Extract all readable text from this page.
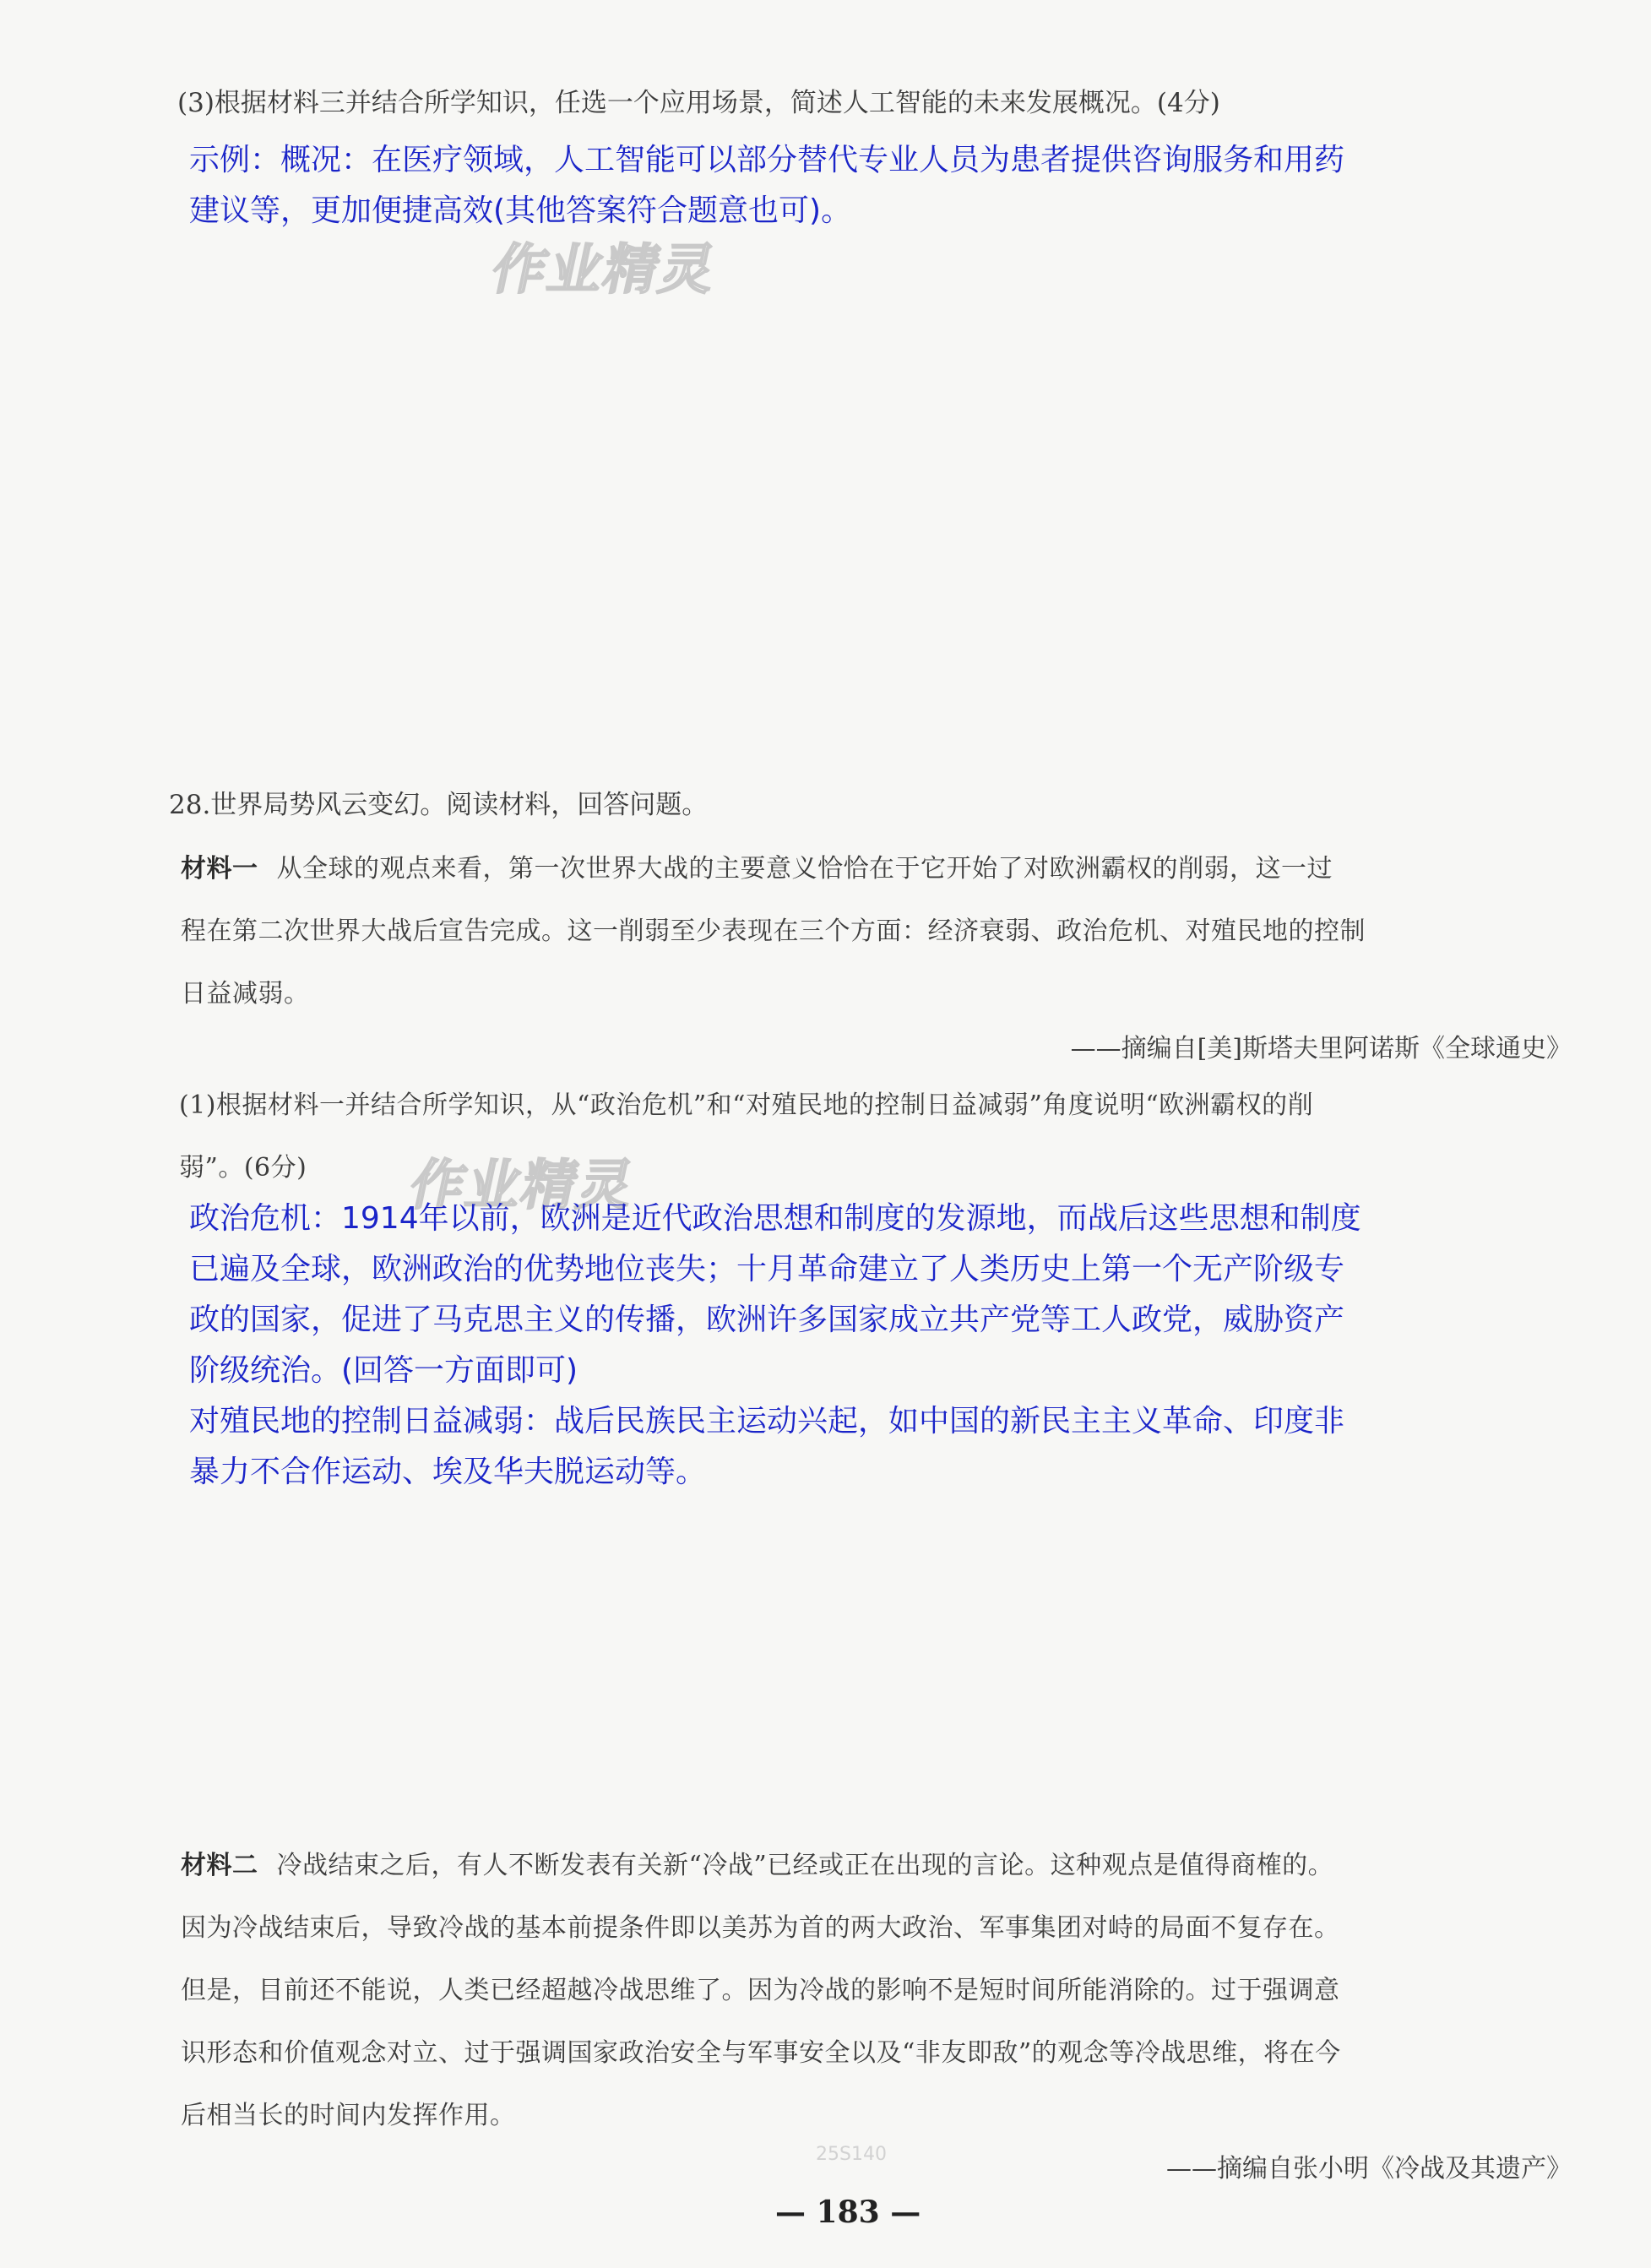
(3)根据材料三并结合所学知识，任选一个应用场景，简述人工智能的未来发展概况。(4分)
示例：概况：在医疗领域，人工智能可以部分替代专业人员为患者提供咨询服务和用药
建议等，更加便捷高效(其他答案符合题意也可)。
作业精灵
28.世界局势风云变幻。阅读材料，回答问题。
材料一 从全球的观点来看，第一次世界大战的主要意义恰恰在于它开始了对欧洲霸权的削弱，这一过
程在第二次世界大战后宣告完成。这一削弱至少表现在三个方面：经济衰弱、政治危机、对殖民地的控制
日益减弱。
——摘编自[美]斯塔夫里阿诺斯《全球通史》
(1)根据材料一并结合所学知识，从“政治危机”和“对殖民地的控制日益减弱”角度说明“欧洲霸权的削
弱”。(6分)	作业精灵
政治危机：1914年以前，欧洲是近代政治思想和制度的发源地，而战后这些思想和制度
已遍及全球，欧洲政治的优势地位丧失；十月革命建立了人类历史上第一个无产阶级专
政的国家，促进了马克思主义的传播，欧洲许多国家成立共产党等工人政党，威胁资产
阶级统治。(回答一方面即可)
对殖民地的控制日益减弱：战后民族民主运动兴起，如中国的新民主主义革命、印度非
暴力不合作运动、埃及华夫脱运动等。
材料二 冷战结束之后，有人不断发表有关新“冷战”已经或正在出现的言论。这种观点是值得商榷的。
因为冷战结束后，导致冷战的基本前提条件即以美苏为首的两大政治、军事集团对峙的局面不复存在。
但是，目前还不能说，人类已经超越冷战思维了。因为冷战的影响不是短时间所能消除的。过于强调意
识形态和价值观念对立、过于强调国家政治安全与军事安全以及“非友即敌”的观念等冷战思维，将在今
后相当长的时间内发挥作用。
25S140	——摘编自张小明《冷战及其遗产》
— 183 —
